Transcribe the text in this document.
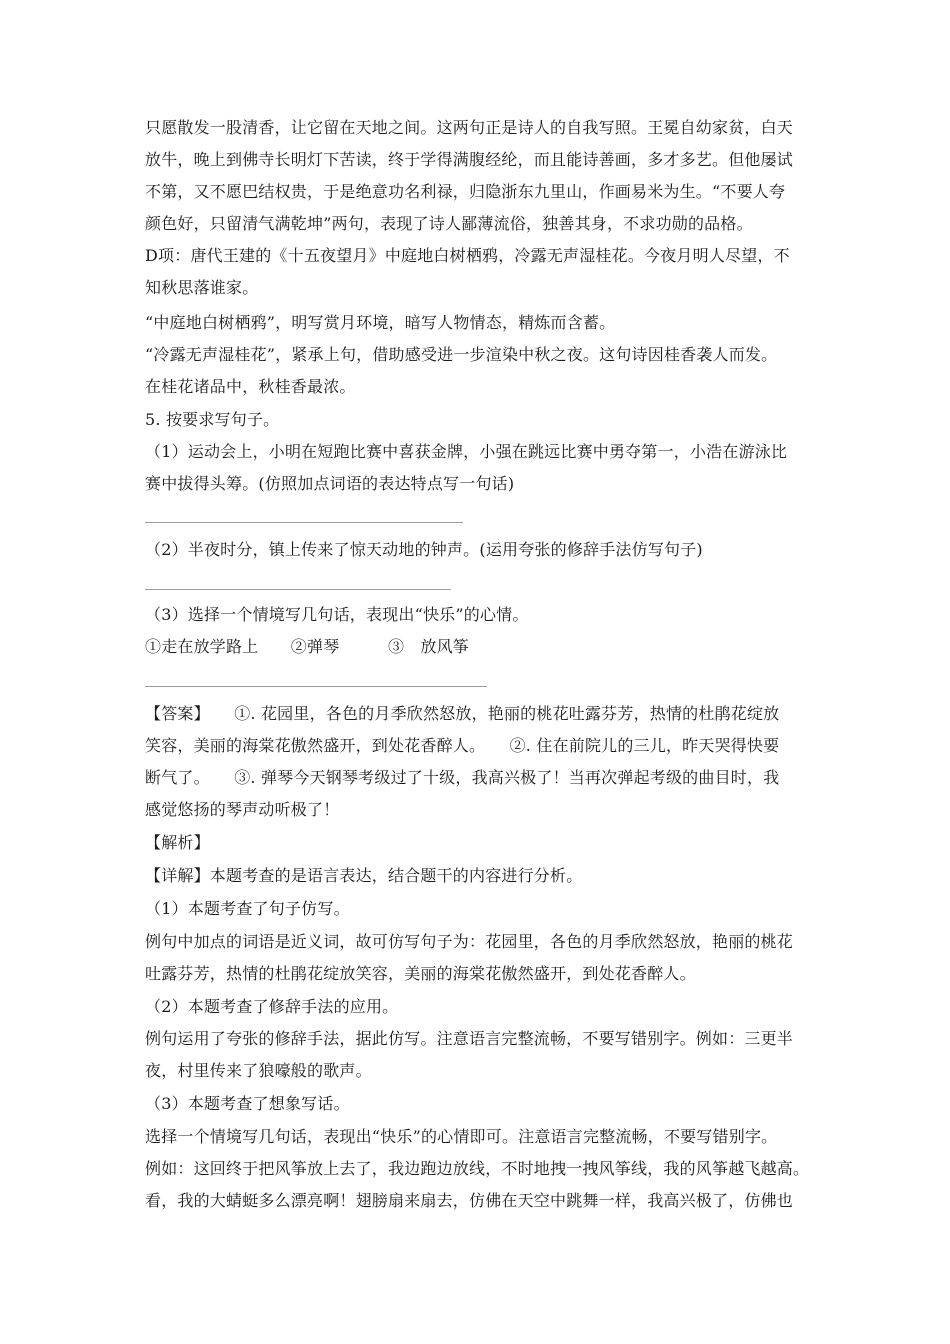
只愿散发一股清香，让它留在天地之间。这两句正是诗人的自我写照。王冕自幼家贫，白天
放牛，晚上到佛寺长明灯下苦读，终于学得满腹经纶，而且能诗善画，多才多艺。但他屡试
不第，又不愿巴结权贵，于是绝意功名利禄，归隐浙东九里山，作画易米为生。“不要人夸
颜色好，只留清气满乾坤”两句，表现了诗人鄙薄流俗，独善其身，不求功勋的品格。
D项：唐代王建的《十五夜望月》中庭地白树栖鸦，冷露无声湿桂花。今夜月明人尽望，不
知秋思落谁家。
“中庭地白树栖鸦”，明写赏月环境，暗写人物情态，精炼而含蓄。
“冷露无声湿桂花”，紧承上句，借助感受进一步渲染中秋之夜。这句诗因桂香袭人而发。
在桂花诸品中，秋桂香最浓。
5. 按要求写句子。
（1）运动会上，小明在短跑比赛中喜获金牌，小强在跳远比赛中勇夺第一，小浩在游泳比
赛中拔得头筹。(仿照加点词语的表达特点写一句话)
（2）半夜时分，镇上传来了惊天动地的钟声。(运用夸张的修辞手法仿写句子)
（3）选择一个情境写几句话，表现出“快乐”的心情。
①走在放学路上　　②弹琴　　　③　放风筝
【答案】　　①. 花园里，各色的月季欣然怒放，艳丽的桃花吐露芬芳，热情的杜鹃花绽放
笑容，美丽的海棠花傲然盛开，到处花香醉人。　　②. 住在前院儿的三儿，昨天哭得快要
断气了。　　③. 弹琴今天钢琴考级过了十级，我高兴极了！当再次弹起考级的曲目时，我
感觉悠扬的琴声动听极了！
【解析】
【详解】本题考查的是语言表达，结合题干的内容进行分析。
（1）本题考查了句子仿写。
例句中加点的词语是近义词，故可仿写句子为：花园里，各色的月季欣然怒放，艳丽的桃花
吐露芬芳，热情的杜鹃花绽放笑容，美丽的海棠花傲然盛开，到处花香醉人。
（2）本题考查了修辞手法的应用。
例句运用了夸张的修辞手法，据此仿写。注意语言完整流畅，不要写错别字。例如：三更半
夜，村里传来了狼嚎般的歌声。
（3）本题考查了想象写话。
选择一个情境写几句话，表现出“快乐”的心情即可。注意语言完整流畅，不要写错别字。
例如：这回终于把风筝放上去了，我边跑边放线，不时地拽一拽风筝线，我的风筝越飞越高。
看，我的大蜻蜓多么漂亮啊！翅膀扇来扇去，仿佛在天空中跳舞一样，我高兴极了，仿佛也
